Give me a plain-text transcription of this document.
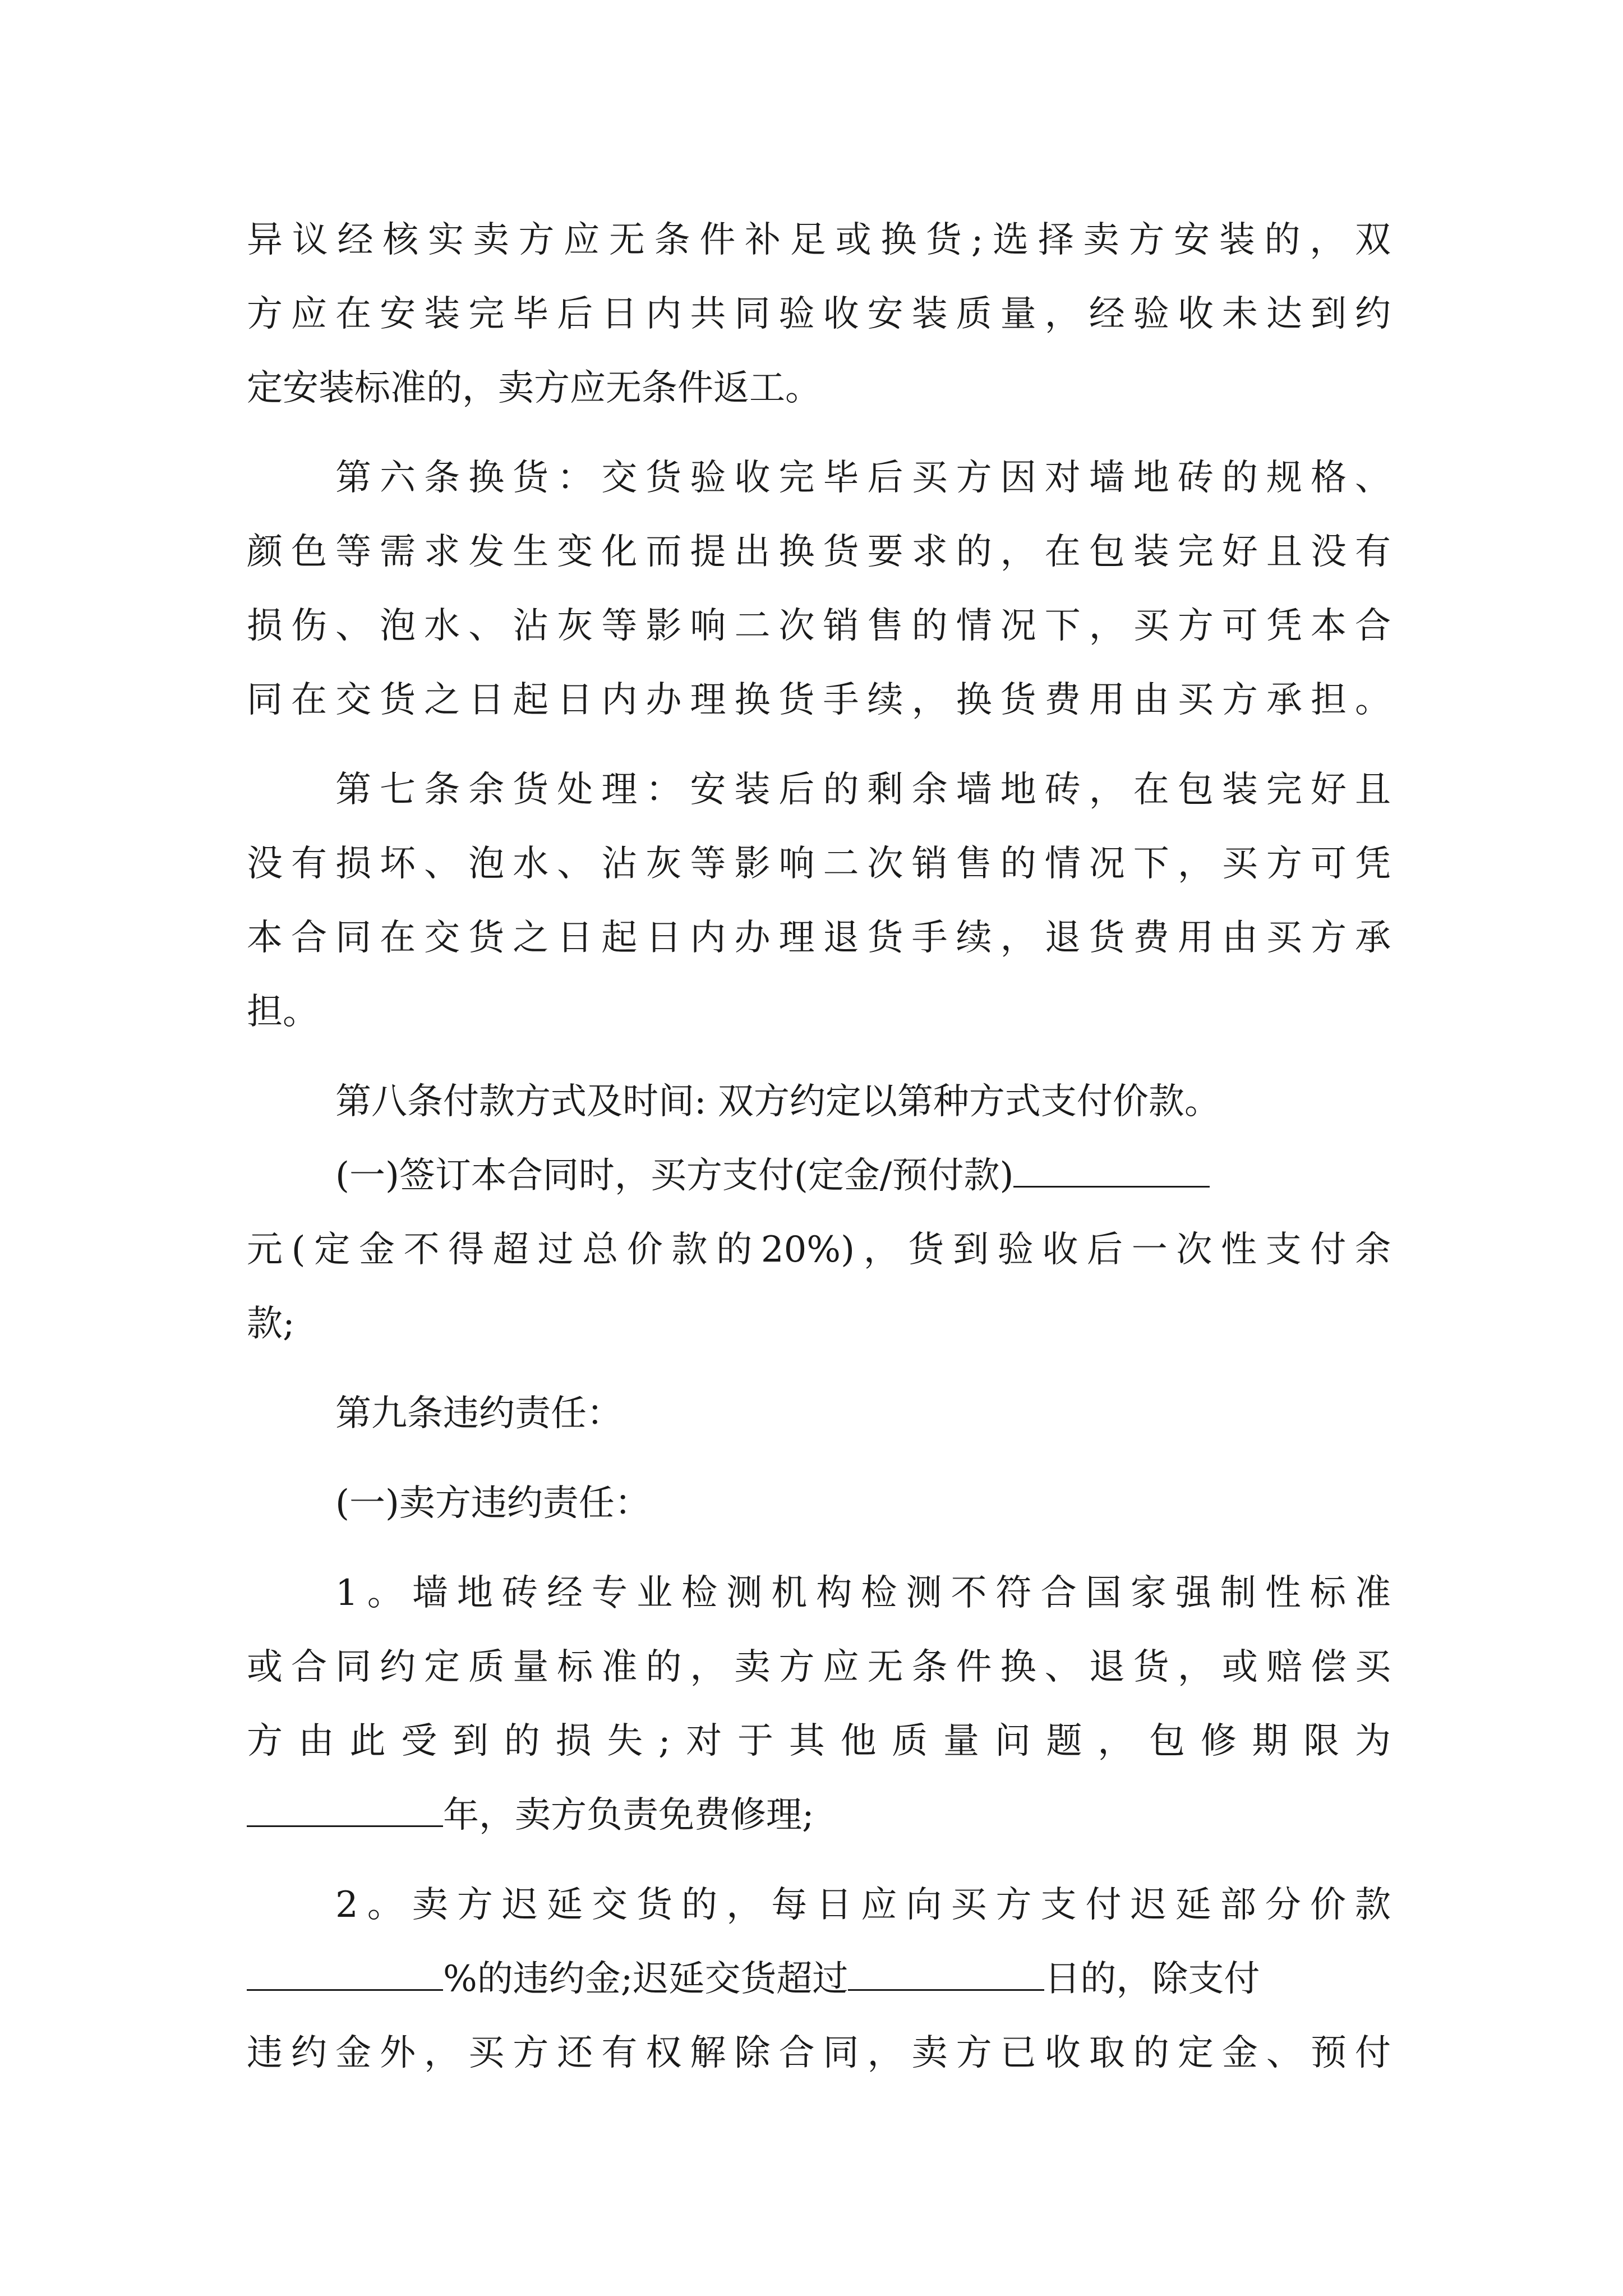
异议经核实卖方应无条件补足或换货;选择卖方安装的，双
方应在安装完毕后日内共同验收安装质量，经验收未达到约
定安装标准的，卖方应无条件返工。
第六条换货：交货验收完毕后买方因对墙地砖的规格、
颜色等需求发生变化而提出换货要求的，在包装完好且没有
损伤、泡水、沾灰等影响二次销售的情况下，买方可凭本合
同在交货之日起日内办理换货手续，换货费用由买方承担。
第七条余货处理：安装后的剩余墙地砖，在包装完好且
没有损坏、泡水、沾灰等影响二次销售的情况下，买方可凭
本合同在交货之日起日内办理退货手续，退货费用由买方承
担。
第八条付款方式及时间: 双方约定以第种方式支付价款。
(一)签订本合同时，买方支付(定金/预付款)
元(定金不得超过总价款的20%)，货到验收后一次性支付余
款;
第九条违约责任：
(一)卖方违约责任：
1。墙地砖经专业检测机构检测不符合国家强制性标准
或合同约定质量标准的，卖方应无条件换、退货，或赔偿买
方由此受到的损失;对于其他质量问题，包修期限为
年，卖方负责免费修理;
2。卖方迟延交货的，每日应向买方支付迟延部分价款
%的违约金;迟延交货超过	日的，除支付
违约金外，买方还有权解除合同，卖方已收取的定金、预付
